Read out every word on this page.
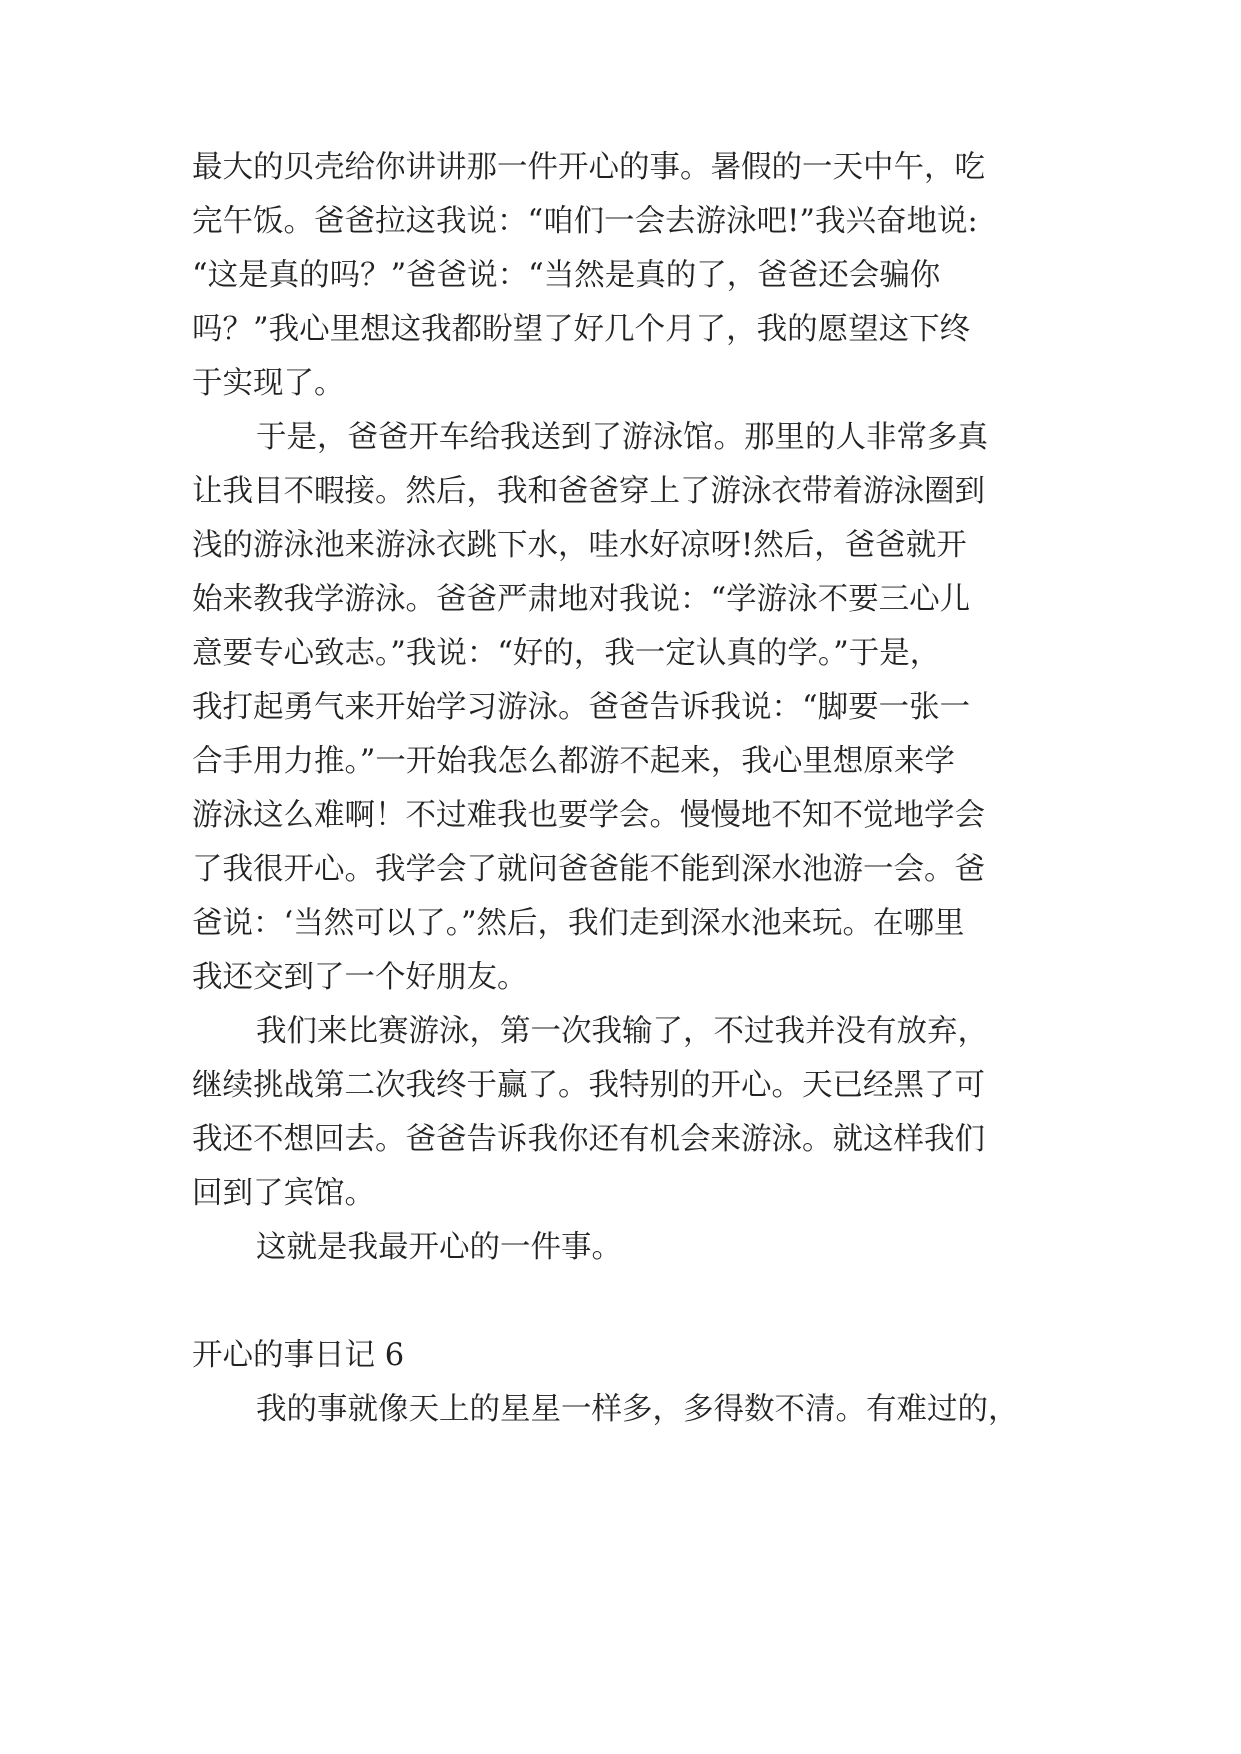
最大的贝壳给你讲讲那一件开心的事。暑假的一天中午，吃
完午饭。爸爸拉这我说：“咱们一会去游泳吧!”我兴奋地说:
“这是真的吗？”爸爸说：“当然是真的了，爸爸还会骗你
吗？”我心里想这我都盼望了好几个月了，我的愿望这下终
于实现了。
于是，爸爸开车给我送到了游泳馆。那里的人非常多真
让我目不暇接。然后，我和爸爸穿上了游泳衣带着游泳圈到
浅的游泳池来游泳衣跳下水，哇水好凉呀!然后，爸爸就开
始来教我学游泳。爸爸严肃地对我说：“学游泳不要三心儿
意要专心致志。”我说：“好的，我一定认真的学。”于是，
我打起勇气来开始学习游泳。爸爸告诉我说：“脚要一张一
合手用力推。”一开始我怎么都游不起来，我心里想原来学
游泳这么难啊！不过难我也要学会。慢慢地不知不觉地学会
了我很开心。我学会了就问爸爸能不能到深水池游一会。爸
爸说：‘当然可以了。”然后，我们走到深水池来玩。在哪里
我还交到了一个好朋友。
我们来比赛游泳，第一次我输了，不过我并没有放弃，
继续挑战第二次我终于赢了。我特别的开心。天已经黑了可
我还不想回去。爸爸告诉我你还有机会来游泳。就这样我们
回到了宾馆。
这就是我最开心的一件事。
开心的事日记 6
我的事就像天上的星星一样多，多得数不清。有难过的，
